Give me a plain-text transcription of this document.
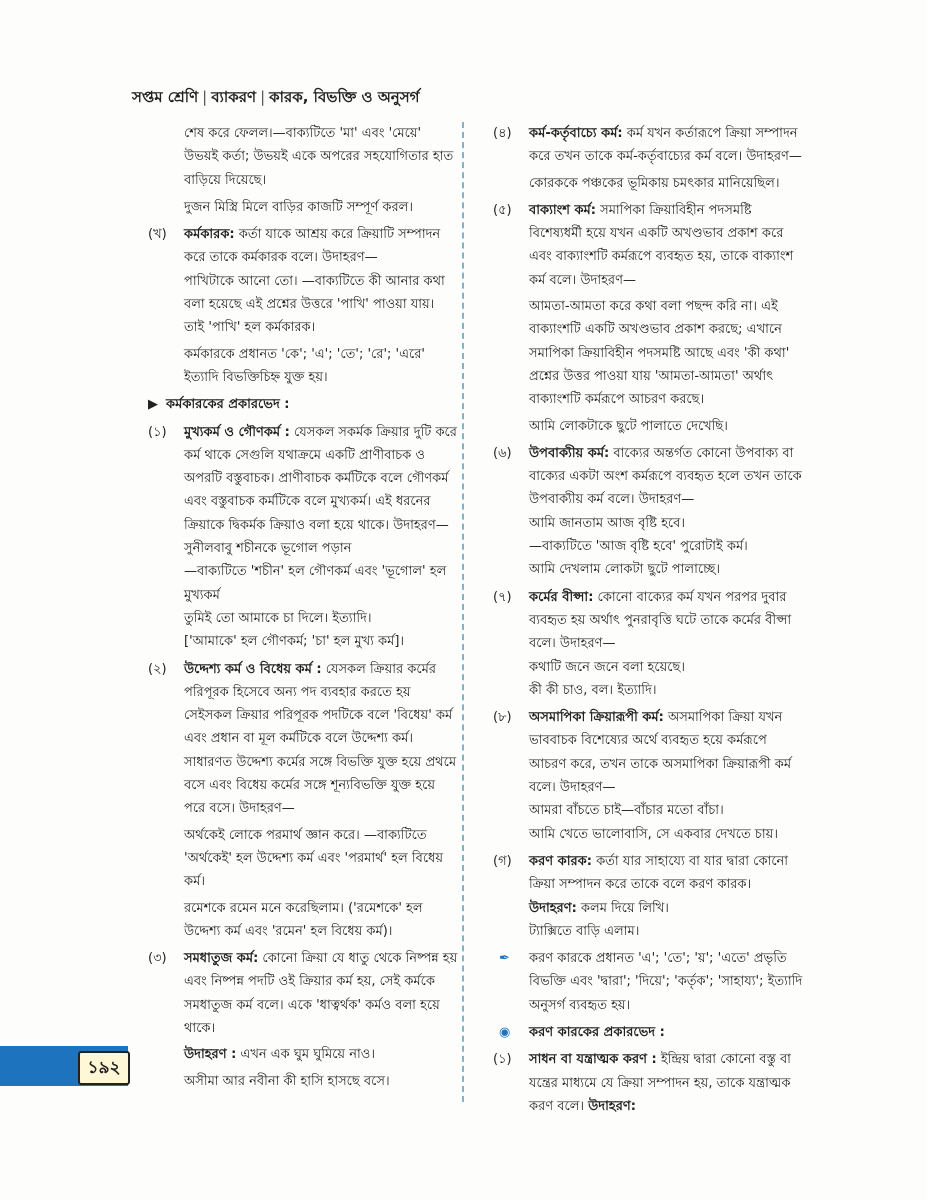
সপ্তম শ্রেণি | ব্যাকরণ | কারক, বিভক্তি ও অনুসর্গ

শেষ করে ফেলল।—বাক্যটিতে 'মা' এবং 'মেয়ে' উভয়ই কর্তা; উভয়ই একে অপরের সহযোগিতার হাত বাড়িয়ে দিয়েছে।

দুজন মিস্ত্রি মিলে বাড়ির কাজটি সম্পূর্ণ করল।

(খ) কর্মকারক: কর্তা যাকে আশ্রয় করে ক্রিয়াটি সম্পাদন করে তাকে কর্মকারক বলে। উদাহরণ—

পাখিটাকে আনো তো। —বাক্যটিতে কী আনার কথা বলা হয়েছে এই প্রশ্নের উত্তরে 'পাখি' পাওয়া যায়। তাই 'পাখি' হল কর্মকারক।

কর্মকারকে প্রধানত 'কে'; 'এ'; 'তে'; 'রে'; 'এরে' ইত্যাদি বিভক্তিচিহ্ন যুক্ত হয়।

▶ কর্মকারকের প্রকারভেদ :
(১) মুখ্যকর্ম ও গৌণকর্ম : যেসকল সকর্মক ক্রিয়ার দুটি করে কর্ম থাকে সেগুলি যথাক্রমে একটি প্রাণীবাচক ও অপরটি বস্তুবাচক। প্রাণীবাচক কর্মটিকে বলে গৌণকর্ম এবং বস্তুবাচক কর্মটিকে বলে মুখ্যকর্ম। এই ধরনের ক্রিয়াকে দ্বিকর্মক ক্রিয়াও বলা হয়ে থাকে। উদাহরণ—

সুনীলবাবু শচীনকে ভূগোল পড়ান

—বাক্যটিতে 'শচীন' হল গৌণকর্ম এবং 'ভূগোল' হল মুখ্যকর্ম

তুমিই তো আমাকে চা দিলে। ইত্যাদি।

['আমাকে' হল গৌণকর্ম; 'চা' হল মুখ্য কর্ম]।

(২) উদ্দেশ্য কর্ম ও বিধেয় কর্ম : যেসকল ক্রিয়ার কর্মের পরিপূরক হিসেবে অন্য পদ ব্যবহার করতে হয় সেইসকল ক্রিয়ার পরিপূরক পদটিকে বলে 'বিধেয়' কর্ম এবং প্রধান বা মূল কর্মটিকে বলে উদ্দেশ্য কর্ম। সাধারণত উদ্দেশ্য কর্মের সঙ্গে বিভক্তি যুক্ত হয়ে প্রথমে বসে এবং বিধেয় কর্মের সঙ্গে শূন্যবিভক্তি যুক্ত হয়ে পরে বসে। উদাহরণ—

অর্থকেই লোকে পরমার্থ জ্ঞান করে। —বাক্যটিতে 'অর্থকেই' হল উদ্দেশ্য কর্ম এবং 'পরমার্থ' হল বিধেয় কর্ম।

রমেশকে রমেন মনে করেছিলাম। ('রমেশকে' হল উদ্দেশ্য কর্ম এবং 'রমেন' হল বিধেয় কর্ম)।

(৩) সমধাতুজ কর্ম: কোনো ক্রিয়া যে ধাতু থেকে নিষ্পন্ন হয় এবং নিষ্পন্ন পদটি ওই ক্রিয়ার কর্ম হয়, সেই কর্মকে সমধাতুজ কর্ম বলে। একে 'ধাত্বর্থক' কর্মও বলা হয়ে থাকে।

উদাহরণ : এখন এক ঘুম ঘুমিয়ে নাও।

অসীমা আর নবীনা কী হাসি হাসছে বসে।

(৪) কর্ম-কর্তৃবাচ্যে কর্ম: কর্ম যখন কর্তারূপে ক্রিয়া সম্পাদন করে তখন তাকে কর্ম-কর্তৃবাচ্যের কর্ম বলে। উদাহরণ—

কোরককে পঞ্চকের ভূমিকায় চমৎকার মানিয়েছিল।

(৫) বাক্যাংশ কর্ম: সমাপিকা ক্রিয়াবিহীন পদসমষ্টি বিশেষ্যধর্মী হয়ে যখন একটি অখণ্ডভাব প্রকাশ করে এবং বাক্যাংশটি কর্মরূপে ব্যবহৃত হয়, তাকে বাক্যাংশ কর্ম বলে। উদাহরণ—

আমতা-আমতা করে কথা বলা পছন্দ করি না। এই বাক্যাংশটি একটি অখণ্ডভাব প্রকাশ করছে; এখানে সমাপিকা ক্রিয়াবিহীন পদসমষ্টি আছে এবং 'কী কথা' প্রশ্নের উত্তর পাওয়া যায় 'আমতা-আমতা' অর্থাৎ বাক্যাংশটি কর্মরূপে আচরণ করছে।

আমি লোকটাকে ছুটে পালাতে দেখেছি।

(৬) উপবাক্যীয় কর্ম: বাক্যের অন্তর্গত কোনো উপবাক্য বা বাক্যের একটা অংশ কর্মরূপে ব্যবহৃত হলে তখন তাকে উপবাক্যীয় কর্ম বলে। উদাহরণ—

আমি জানতাম আজ বৃষ্টি হবে।

—বাক্যটিতে 'আজ বৃষ্টি হবে' পুরোটাই কর্ম।

আমি দেখলাম লোকটা ছুটে পালাচ্ছে।

(৭) কর্মের বীপ্সা: কোনো বাক্যের কর্ম যখন পরপর দুবার ব্যবহৃত হয় অর্থাৎ পুনরাবৃত্তি ঘটে তাকে কর্মের বীপ্সা বলে। উদাহরণ—

কথাটি জনে জনে বলা হয়েছে।

কী কী চাও, বল। ইত্যাদি।

(৮) অসমাপিকা ক্রিয়ারূপী কর্ম: অসমাপিকা ক্রিয়া যখন ভাববাচক বিশেষ্যের অর্থে ব্যবহৃত হয়ে কর্মরূপে আচরণ করে, তখন তাকে অসমাপিকা ক্রিয়ারূপী কর্ম বলে। উদাহরণ—

আমরা বাঁচতে চাই—বাঁচার মতো বাঁচা।

আমি খেতে ভালোবাসি, সে একবার দেখতে চায়।

(গ) করণ কারক: কর্তা যার সাহায্যে বা যার দ্বারা কোনো ক্রিয়া সম্পাদন করে তাকে বলে করণ কারক। উদাহরণ: কলম দিয়ে লিখি।

ট্যাক্সিতে বাড়ি এলাম।

✒ করণ কারকে প্রধানত 'এ'; 'তে'; 'য়'; 'এতে' প্রভৃতি বিভক্তি এবং 'দ্বারা'; 'দিয়ে'; 'কর্তৃক'; 'সাহায্য'; ইত্যাদি অনুসর্গ ব্যবহৃত হয়।

◉ করণ কারকের প্রকারভেদ :
(১) সাধন বা যন্ত্রাত্মক করণ : ইন্দ্রিয় দ্বারা কোনো বস্তু বা যন্ত্রের মাধ্যমে যে ক্রিয়া সম্পাদন হয়, তাকে যন্ত্রাত্মক করণ বলে। উদাহরণ:

১৯২
